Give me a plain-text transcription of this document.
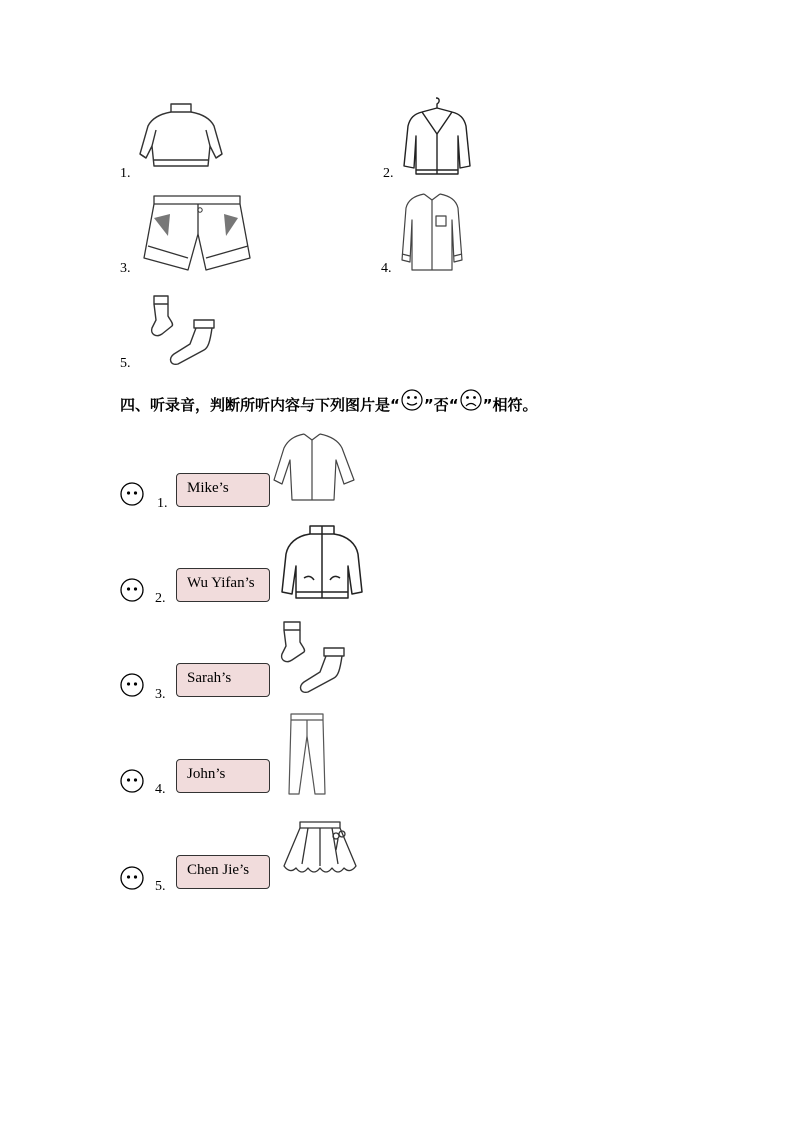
1.	2.
3.	4.
5.
四、听录音，判断所听内容与下列图片是“ ”否“ ”相符。
1.
Mike’s
2.
Wu Yifan’s
3.
Sarah’s
4.
John’s
5.
Chen Jie’s
